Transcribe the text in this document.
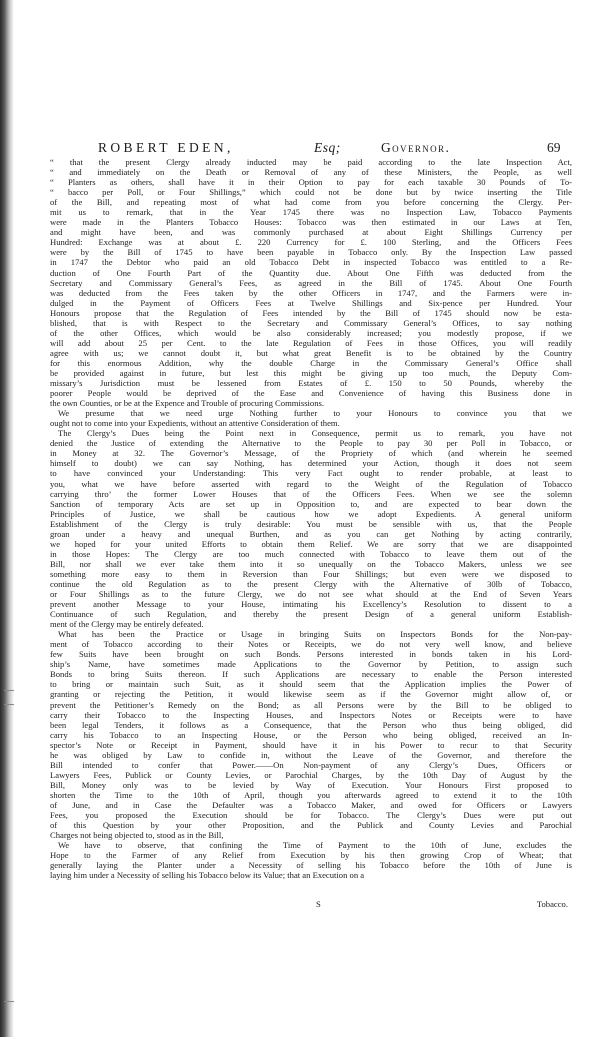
ROBERT EDEN,	Esq;	Governor.	69
“ that the present Clergy already inducted may be paid according to the late Inspection Act,
“ and immediately on the Death or Removal of any of these Ministers, the People, as well
“ Planters as others, shall have it in their Option to pay for each taxable 30 Pounds of To-
“ bacco per Poll, or Four Shillings,” which could not be done but by twice inserting the Title
of the Bill, and repeating most of what had come from you before concerning the Clergy. Per-
mit us to remark, that in the Year 1745 there was no Inspection Law, Tobacco Payments
were made in the Planters Tobacco Houses: Tobacco was then estimated in our Laws at Ten,
and might have been, and was commonly purchased at about Eight Shillings Currency per
Hundred: Exchange was at about £. 220 Currency for £. 100 Sterling, and the Officers Fees
were by the Bill of 1745 to have been payable in Tobacco only. By the Inspection Law passed
in 1747 the Debtor who paid an old Tobacco Debt in inspected Tobacco was entitled to a Re-
duction of One Fourth Part of the Quantity due. About One Fifth was deducted from the
Secretary and Commissary General’s Fees, as agreed in the Bill of 1745. About One Fourth
was deducted from the Fees taken by the other Officers in 1747, and the Farmers were in-
dulged in the Payment of Officers Fees at Twelve Shillings and Six-pence per Hundred. Your
Honours propose that the Regulation of Fees intended by the Bill of 1745 should now be esta-
blished, that is with Respect to the Secretary and Commissary General’s Offices, to say nothing
of the other Offices, which would be also considerably increased; you modestly propose, if we
will add about 25 per Cent. to the late Regulation of Fees in those Offices, you will readily
agree with us; we cannot doubt it, but what great Benefit is to be obtained by the Country
for this enormous Addition, why the double Charge in the Commissary General’s Office shall
be provided against in future, but lest this might be giving up too much, the Deputy Com-
missary’s Jurisdiction must be lessened from Estates of £. 150 to 50 Pounds, whereby the
poorer People would be deprived of the Ease and Convenience of having this Business done in
the own Counties, or be at the Expence and Trouble of procuring Commissions.
We presume that we need urge Nothing further to your Honours to convince you that we
ought not to come into your Expedients, without an attentive Consideration of them.
The Clergy’s Dues being the Point next in Consequence, permit us to remark, you have not
denied the Justice of extending the Alternative to the People to pay 30 per Poll in Tobacco, or
in Money at 32. The Governor’s Message, of the Propriety of which (and wherein he seemed
himself to doubt) we can say Nothing, has determined your Action, though it does not seem
to have convinced your Understanding: This very Fact ought to render probable, at least to
you, what we have before asserted with regard to the Weight of the Regulation of Tobacco
carrying thro’ the former Lower Houses that of the Officers Fees. When we see the solemn
Sanction of temporary Acts are set up in Opposition to, and are expected to bear down the
Principles of Justice, we shall be cautious how we adopt Expedients. A general uniform
Establishment of the Clergy is truly desirable: You must be sensible with us, that the People
groan under a heavy and unequal Burthen, and as you can get Nothing by acting contrarily,
we hoped for your united Efforts to obtain them Relief. We are sorry that we are disappointed
in those Hopes: The Clergy are too much connected with Tobacco to leave them out of the
Bill, nor shall we ever take them into it so unequally on the Tobacco Makers, unless we see
something more easy to them in Reversion than Four Shillings; but even were we disposed to
continue the old Regulation as to the present Clergy with the Alternative of 30lb of Tobacco,
or Four Shillings as to the future Clergy, we do not see what should at the End of Seven Years
prevent another Message to your House, intimating his Excellency’s Resolution to dissent to a
Continuance of such Regulation, and thereby the present Design of a general uniform Establish-
ment of the Clergy may be entirely defeated.
What has been the Practice or Usage in bringing Suits on Inspectors Bonds for the Non-pay-
ment of Tobacco according to their Notes or Receipts, we do not very well know, and believe
few Suits have been brought on such Bonds. Persons interested in bonds taken in his Lord-
ship’s Name, have sometimes made Applications to the Governor by Petition, to assign such
Bonds to bring Suits thereon. If such Applications are necessary to enable the Person interested
to bring or maintain such Suit, as it should seem that the Application implies the Power of
granting or rejecting the Petition, it would likewise seem as if the Governor might allow of, or
prevent the Petitioner’s Remedy on the Bond; as all Persons were by the Bill to be obliged to
carry their Tobacco to the Inspecting Houses, and Inspectors Notes or Receipts were to have
been legal Tenders, it follows as a Consequence, that the Person who thus being obliged, did
carry his Tobacco to an Inspecting House, or the Person who being obliged, received an In-
spector’s Note or Receipt in Payment, should have it in his Power to recur to that Security
he was obliged by Law to confide in, without the Leave of the Governor, and therefore the
Bill intended to confer that Power.——On Non-payment of any Clergy’s Dues, Officers or
Lawyers Fees, Publick or County Levies, or Parochial Charges, by the 10th Day of August by the
Bill, Money only was to be levied by Way of Execution. Your Honours First proposed to
shorten the Time to the 10th of April, though you afterwards agreed to extend it to the 10th
of June, and in Case the Defaulter was a Tobacco Maker, and owed for Officers or Lawyers
Fees, you proposed the Execution should be for Tobacco. The Clergy’s Dues were put out
of this Question by your other Proposition, and the Publick and County Levies and Parochial
Charges not being objected to, stood as in the Bill,
We have to observe, that confining the Time of Payment to the 10th of June, excludes the
Hope to the Farmer of any Relief from Execution by his then growing Crop of Wheat; that
generally laying the Planter under a Necessity of selling his Tobacco before the 10th of June is
laying him under a Necessity of selling his Tobacco below its Value; that an Execution on a
S	Tobacco.
